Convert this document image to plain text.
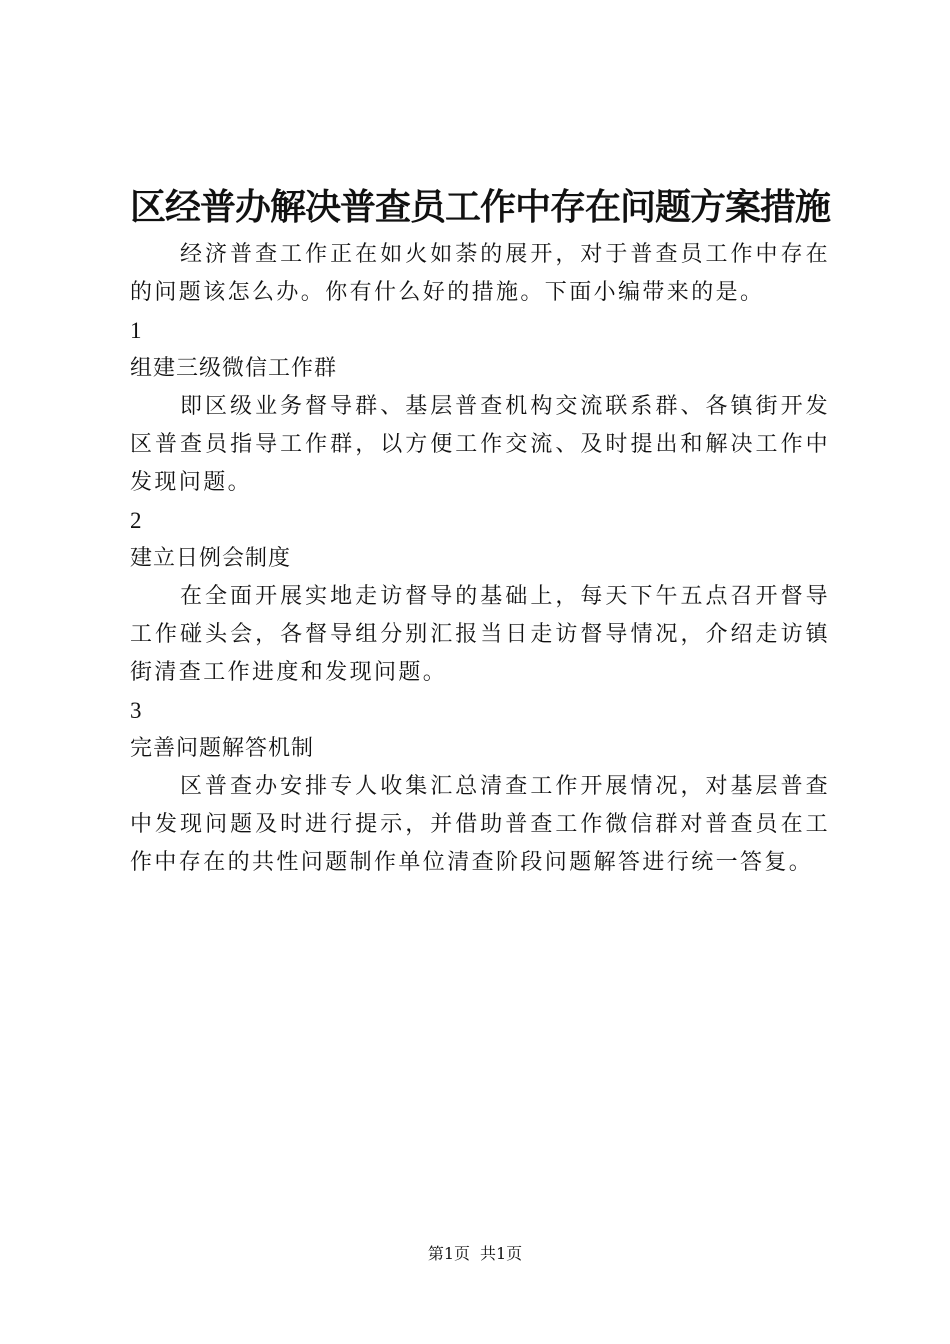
区经普办解决普查员工作中存在问题方案措施

经济普查工作正在如火如荼的展开，对于普查员工作中存在的问题该怎么办。你有什么好的措施。下面小编带来的是。

1

组建三级微信工作群

即区级业务督导群、基层普查机构交流联系群、各镇街开发区普查员指导工作群，以方便工作交流、及时提出和解决工作中发现问题。

2

建立日例会制度

在全面开展实地走访督导的基础上，每天下午五点召开督导工作碰头会，各督导组分别汇报当日走访督导情况，介绍走访镇街清查工作进度和发现问题。

3

完善问题解答机制

区普查办安排专人收集汇总清查工作开展情况，对基层普查中发现问题及时进行提示，并借助普查工作微信群对普查员在工作中存在的共性问题制作单位清查阶段问题解答进行统一答复。

第1页 共1页
